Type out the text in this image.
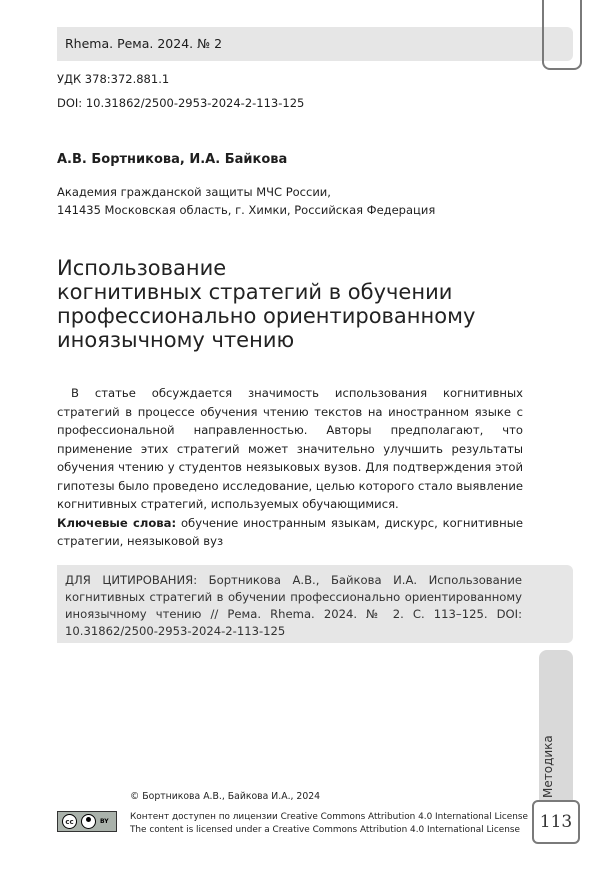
Rhema. Рема. 2024. № 2
УДК 378:372.881.1
DOI: 10.31862/2500-2953-2024-2-113-125
А.В. Бортникова, И.А. Байкова
Академия гражданской защиты МЧС России,
141435 Московская область, г. Химки, Российская Федерация
Использование
когнитивных стратегий в обучении
профессионально ориентированному
иноязычному чтению

В статье обсуждается значимость использования когнитивных стратегий в процессе обучения чтению текстов на иностранном языке с профессиональной направленностью. Авторы предполагают, что применение этих стратегий может значительно улучшить результаты обучения чтению у студентов неязыковых вузов. Для подтверждения этой гипотезы было проведено исследование, целью которого стало выявление когнитивных стратегий, используемых обучающимися.

Ключевые слова: обучение иностранным языкам, дискурс, когнитивные стратегии, неязыковой вуз
ДЛЯ ЦИТИРОВАНИЯ: Бортникова А.В., Байкова И.А. Использование когнитивных стратегий в обучении профессионально ориентированному иноязычному чтению // Рема. Rhema. 2024. № 2. С. 113–125. DOI: 10.31862/2500-2953-2024-2-113-125
Методика
113
© Бортникова А.В., Байкова И.А., 2024
cc	BY Контент доступен по лицензии Creative Commons Attribution 4.0 International License
The content is licensed under a Creative Commons Attribution 4.0 International License
